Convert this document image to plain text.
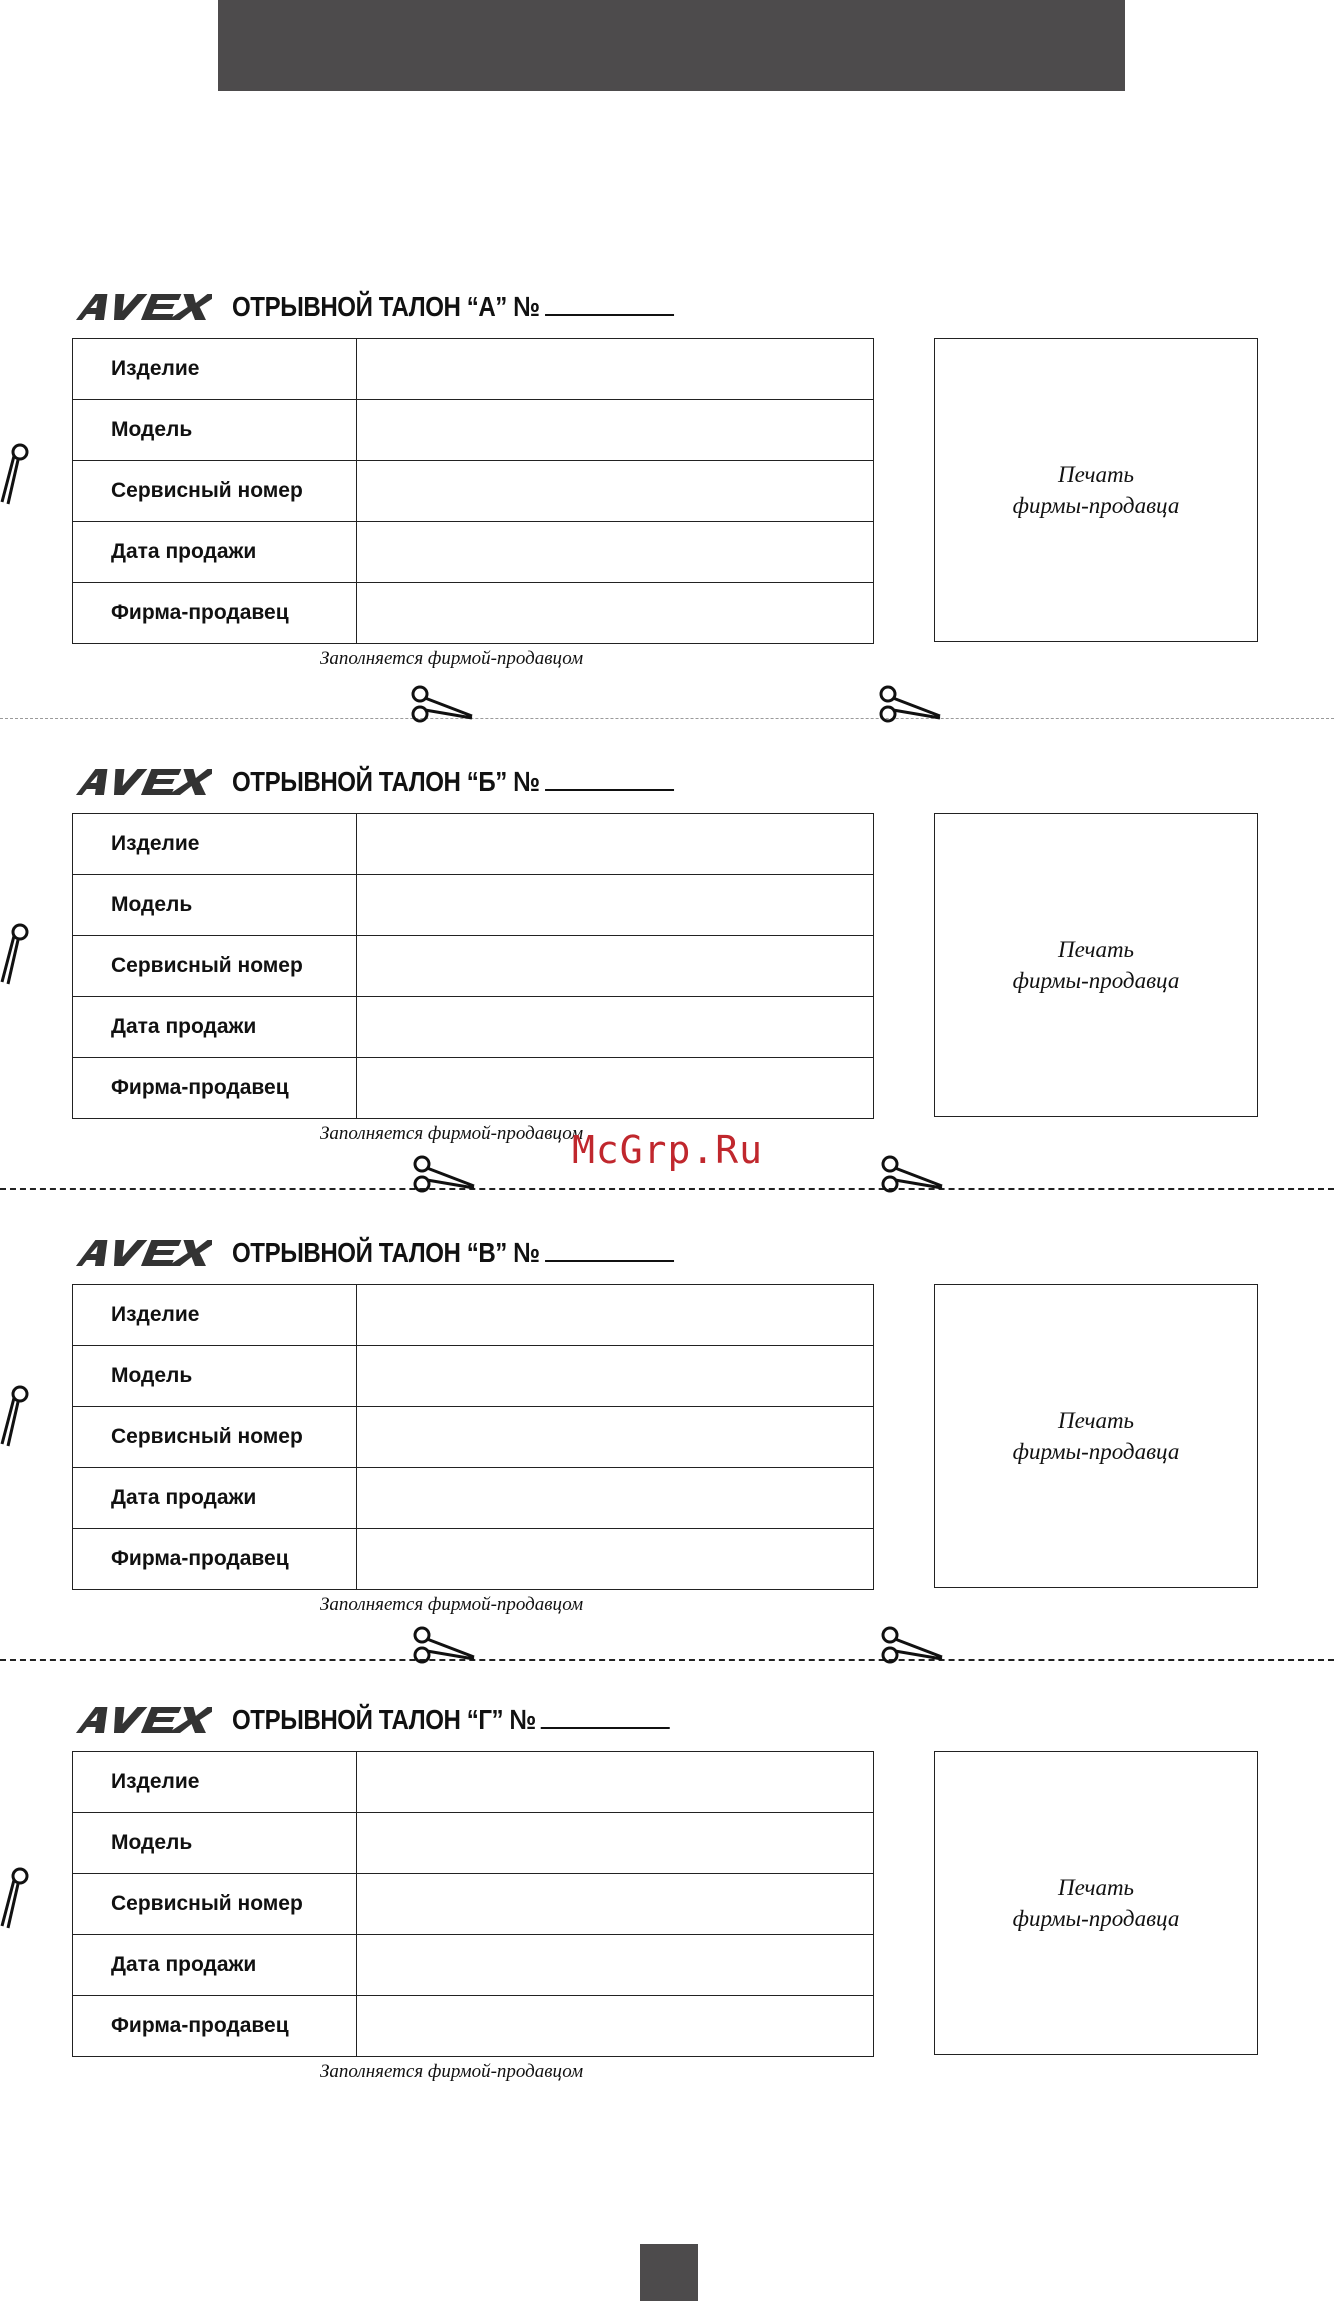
ОТРЫВНОЙ ТАЛОН “А” №
Изделие	
Модель	
Сервисный номер	
Дата продажи	
Фирма-продавец	
Печать
фирмы-продавца
Заполняется фирмой-продавцом
ОТРЫВНОЙ ТАЛОН “Б” №
Изделие	
Модель	
Сервисный номер	
Дата продажи	
Фирма-продавец	
Печать
фирмы-продавца
Заполняется фирмой-продавцом
ОТРЫВНОЙ ТАЛОН “В” №
Изделие	
Модель	
Сервисный номер	
Дата продажи	
Фирма-продавец	
Печать
фирмы-продавца
Заполняется фирмой-продавцом
ОТРЫВНОЙ ТАЛОН “Г” №
Изделие	
Модель	
Сервисный номер	
Дата продажи	
Фирма-продавец	
Печать
фирмы-продавца
Заполняется фирмой-продавцом
McGrp.Ru
